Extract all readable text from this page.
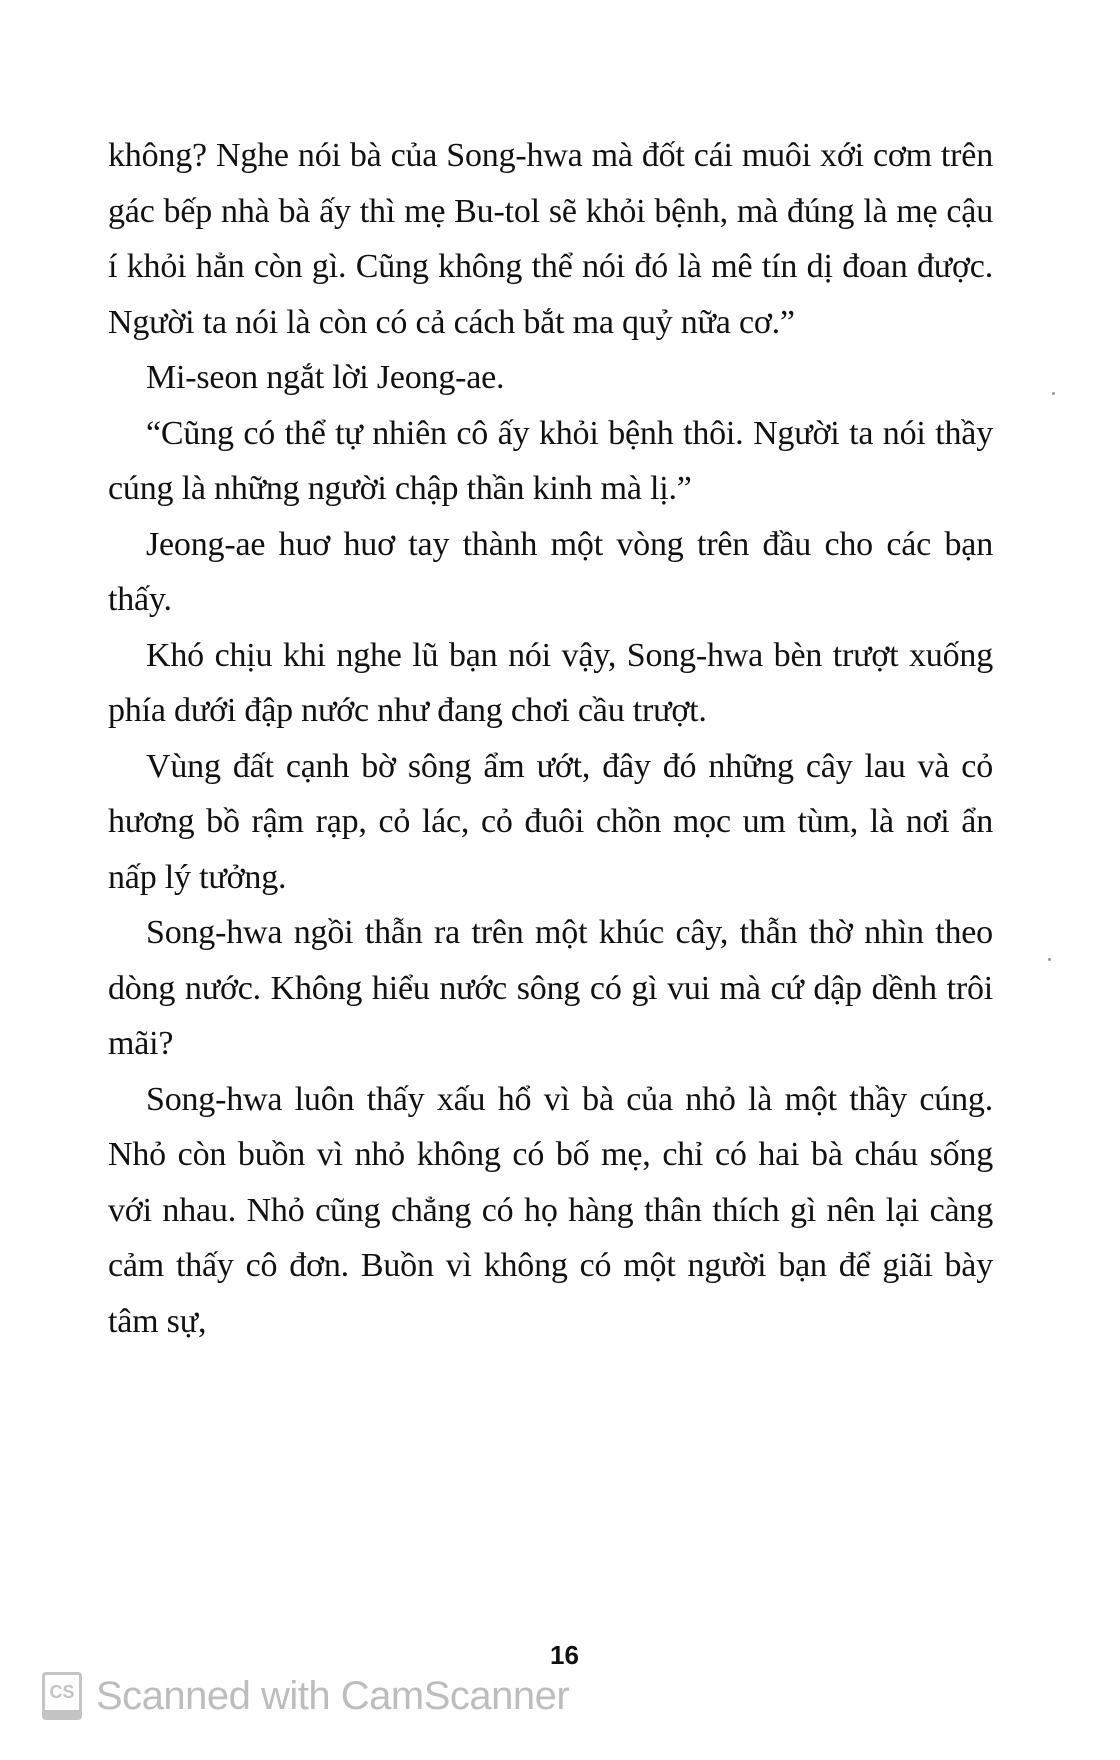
không? Nghe nói bà của Song-hwa mà đốt cái muôi xới cơm trên gác bếp nhà bà ấy thì mẹ Bu-tol sẽ khỏi bệnh, mà đúng là mẹ cậu í khỏi hẳn còn gì. Cũng không thể nói đó là mê tín dị đoan được. Người ta nói là còn có cả cách bắt ma quỷ nữa cơ.”

Mi-seon ngắt lời Jeong-ae.

“Cũng có thể tự nhiên cô ấy khỏi bệnh thôi. Người ta nói thầy cúng là những người chập thần kinh mà lị.”

Jeong-ae huơ huơ tay thành một vòng trên đầu cho các bạn thấy.

Khó chịu khi nghe lũ bạn nói vậy, Song-hwa bèn trượt xuống phía dưới đập nước như đang chơi cầu trượt.

Vùng đất cạnh bờ sông ẩm ướt, đây đó những cây lau và cỏ hương bồ rậm rạp, cỏ lác, cỏ đuôi chồn mọc um tùm, là nơi ẩn nấp lý tưởng.

Song-hwa ngồi thẫn ra trên một khúc cây, thẫn thờ nhìn theo dòng nước. Không hiểu nước sông có gì vui mà cứ dập dềnh trôi mãi?

Song-hwa luôn thấy xấu hổ vì bà của nhỏ là một thầy cúng. Nhỏ còn buồn vì nhỏ không có bố mẹ, chỉ có hai bà cháu sống với nhau. Nhỏ cũng chẳng có họ hàng thân thích gì nên lại càng cảm thấy cô đơn. Buồn vì không có một người bạn để giãi bày tâm sự,

16
CS Scanned with CamScanner
